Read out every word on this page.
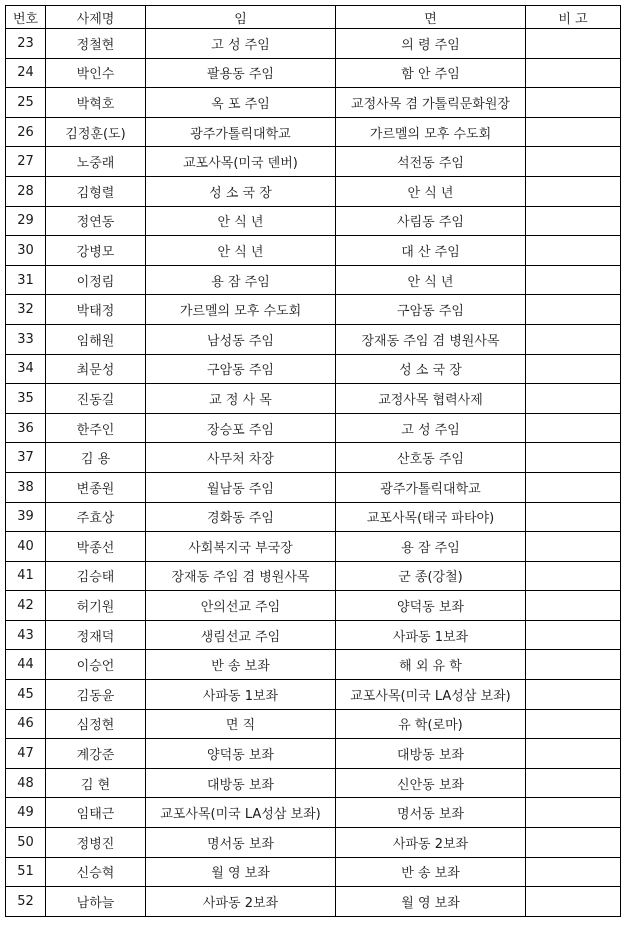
번호	사제명	임	면	비 고
23	정철현	고 성 주임	의 령 주임	
24	박인수	팔용동 주임	함 안 주임	
25	박혁호	옥 포 주임	교정사목 겸 가톨릭문화원장	
26	김정훈(도)	광주가톨릭대학교	가르멜의 모후 수도회	
27	노중래	교포사목(미국 덴버)	석전동 주임	
28	김형렬	성 소 국 장	안 식 년	
29	정연동	안 식 년	사림동 주임	
30	강병모	안 식 년	대 산 주임	
31	이정림	용 잠 주임	안 식 년	
32	박태정	가르멜의 모후 수도회	구암동 주임	
33	임해원	남성동 주임	장재동 주임 겸 병원사목	
34	최문성	구암동 주임	성 소 국 장	
35	진동길	교 정 사 목	교정사목 협력사제	
36	한주인	장승포 주임	고 성 주임	
37	김 용	사무처 차장	산호동 주임	
38	변종원	월남동 주임	광주가톨릭대학교	
39	주효상	경화동 주임	교포사목(태국 파타야)	
40	박종선	사회복지국 부국장	용 잠 주임	
41	김승태	장재동 주임 겸 병원사목	군 종(강철)	
42	허기원	안의선교 주임	양덕동 보좌	
43	정재덕	생림선교 주임	사파동 1보좌	
44	이승언	반 송 보좌	해 외 유 학	
45	김동윤	사파동 1보좌	교포사목(미국 LA성삼 보좌)	
46	심정현	면 직	유 학(로마)	
47	계강준	양덕동 보좌	대방동 보좌	
48	김 현	대방동 보좌	신안동 보좌	
49	임태근	교포사목(미국 LA성삼 보좌)	명서동 보좌	
50	정병진	명서동 보좌	사파동 2보좌	
51	신승혁	월 영 보좌	반 송 보좌	
52	남하늘	사파동 2보좌	월 영 보좌	
